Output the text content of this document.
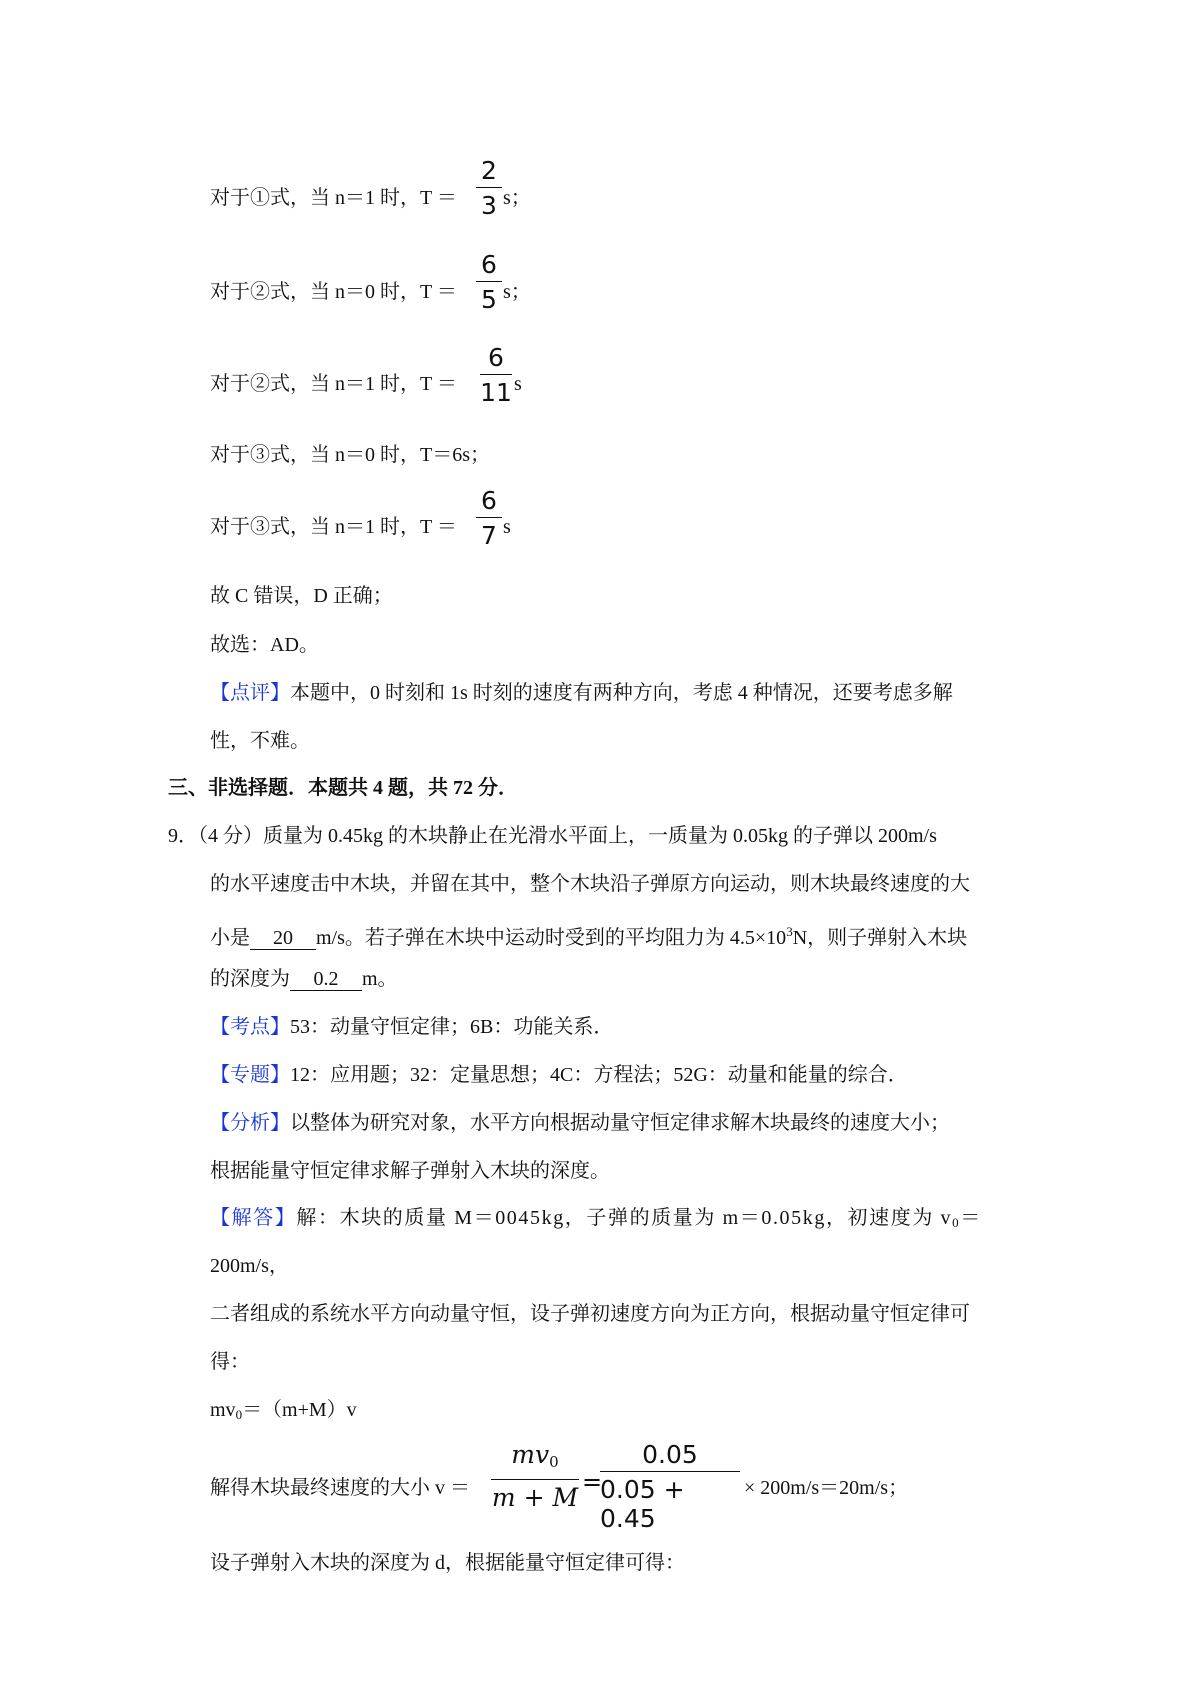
对于①式，当 n＝1 时，T ＝
2
3 s；
对于②式，当 n＝0 时，T ＝
6
5 s；
对于②式，当 n＝1 时，T ＝
6
11 s
对于③式，当 n＝0 时，T＝6s；
对于③式，当 n＝1 时，T ＝
6
7 s
故 C 错误，D 正确；
故选：AD。
【点评】本题中，0 时刻和 1s 时刻的速度有两种方向，考虑 4 种情况，还要考虑多解
性，不难。
三、非选择题．本题共 4 题，共 72 分．
9．（4 分）质量为 0.45kg 的木块静止在光滑水平面上，一质量为 0.05kg 的子弹以 200m/s
的水平速度击中木块，并留在其中，整个木块沿子弹原方向运动，则木块最终速度的大
小是 20 m/s。若子弹在木块中运动时受到的平均阻力为 $4.5\times 10^3N$，则子弹射入木块
的深度为 0.2 m。
【考点】53：动量守恒定律；6B：功能关系．
【专题】12：应用题；32：定量思想；4C：方程法；52G：动量和能量的综合．
【分析】以整体为研究对象，水平方向根据动量守恒定律求解木块最终的速度大小；
根据能量守恒定律求解子弹射入木块的深度。
【解答】解：木块的质量 M＝0045kg，子弹的质量为 m＝0.05kg，初速度为 $v_0=$
200m/s，
二者组成的系统水平方向动量守恒，设子弹初速度方向为正方向，根据动量守恒定律可
得：
$mv_0=(m+M)v$
解得木块最终速度的大小 v ＝
$mv_0$
m + M
=
0.05
0.05 + 0.45
× 200m/s＝20m/s；
设子弹射入木块的深度为 d，根据能量守恒定律可得：
